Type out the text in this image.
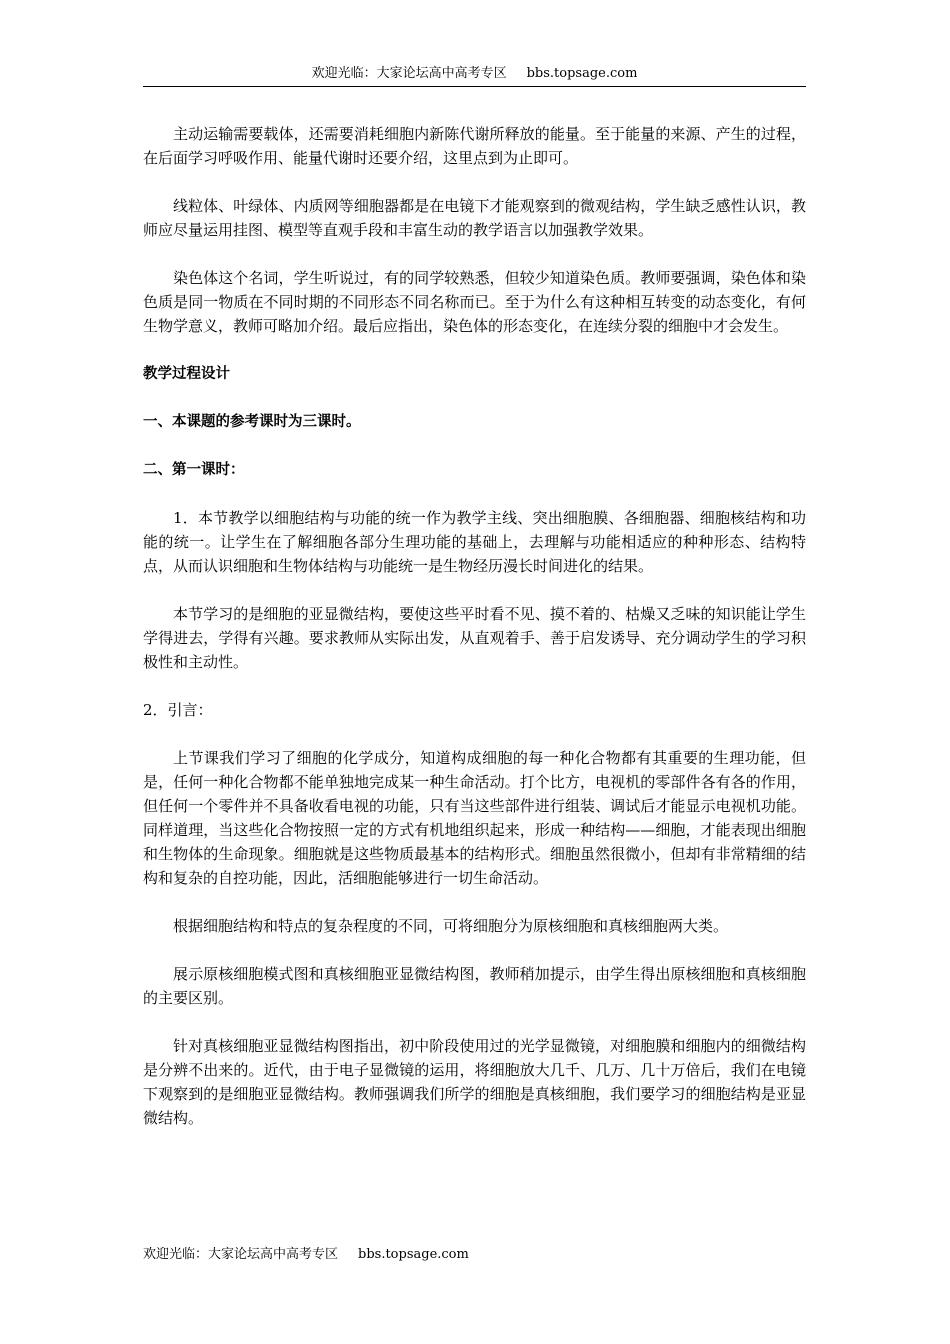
欢迎光临：大家论坛高中高考专区 bbs.topsage.com

主动运输需要载体，还需要消耗细胞内新陈代谢所释放的能量。至于能量的来源、产生的过程，在后面学习呼吸作用、能量代谢时还要介绍，这里点到为止即可。

线粒体、叶绿体、内质网等细胞器都是在电镜下才能观察到的微观结构，学生缺乏感性认识，教师应尽量运用挂图、模型等直观手段和丰富生动的教学语言以加强教学效果。

染色体这个名词，学生听说过，有的同学较熟悉，但较少知道染色质。教师要强调，染色体和染色质是同一物质在不同时期的不同形态不同名称而已。至于为什么有这种相互转变的动态变化，有何生物学意义，教师可略加介绍。最后应指出，染色体的形态变化，在连续分裂的细胞中才会发生。

教学过程设计
一、本课题的参考课时为三课时。
二、第一课时：

1．本节教学以细胞结构与功能的统一作为教学主线、突出细胞膜、各细胞器、细胞核结构和功能的统一。让学生在了解细胞各部分生理功能的基础上，去理解与功能相适应的种种形态、结构特点，从而认识细胞和生物体结构与功能统一是生物经历漫长时间进化的结果。

本节学习的是细胞的亚显微结构，要使这些平时看不见、摸不着的、枯燥又乏味的知识能让学生学得进去，学得有兴趣。要求教师从实际出发，从直观着手、善于启发诱导、充分调动学生的学习积极性和主动性。

2．引言：

上节课我们学习了细胞的化学成分，知道构成细胞的每一种化合物都有其重要的生理功能，但是，任何一种化合物都不能单独地完成某一种生命活动。打个比方，电视机的零部件各有各的作用，但任何一个零件并不具备收看电视的功能，只有当这些部件进行组装、调试后才能显示电视机功能。同样道理，当这些化合物按照一定的方式有机地组织起来，形成一种结构——细胞，才能表现出细胞和生物体的生命现象。细胞就是这些物质最基本的结构形式。细胞虽然很微小，但却有非常精细的结构和复杂的自控功能，因此，活细胞能够进行一切生命活动。

根据细胞结构和特点的复杂程度的不同，可将细胞分为原核细胞和真核细胞两大类。

展示原核细胞模式图和真核细胞亚显微结构图，教师稍加提示，由学生得出原核细胞和真核细胞的主要区别。

针对真核细胞亚显微结构图指出，初中阶段使用过的光学显微镜，对细胞膜和细胞内的细微结构是分辨不出来的。近代，由于电子显微镜的运用，将细胞放大几千、几万、几十万倍后，我们在电镜下观察到的是细胞亚显微结构。教师强调我们所学的细胞是真核细胞，我们要学习的细胞结构是亚显微结构。

欢迎光临：大家论坛高中高考专区 bbs.topsage.com
